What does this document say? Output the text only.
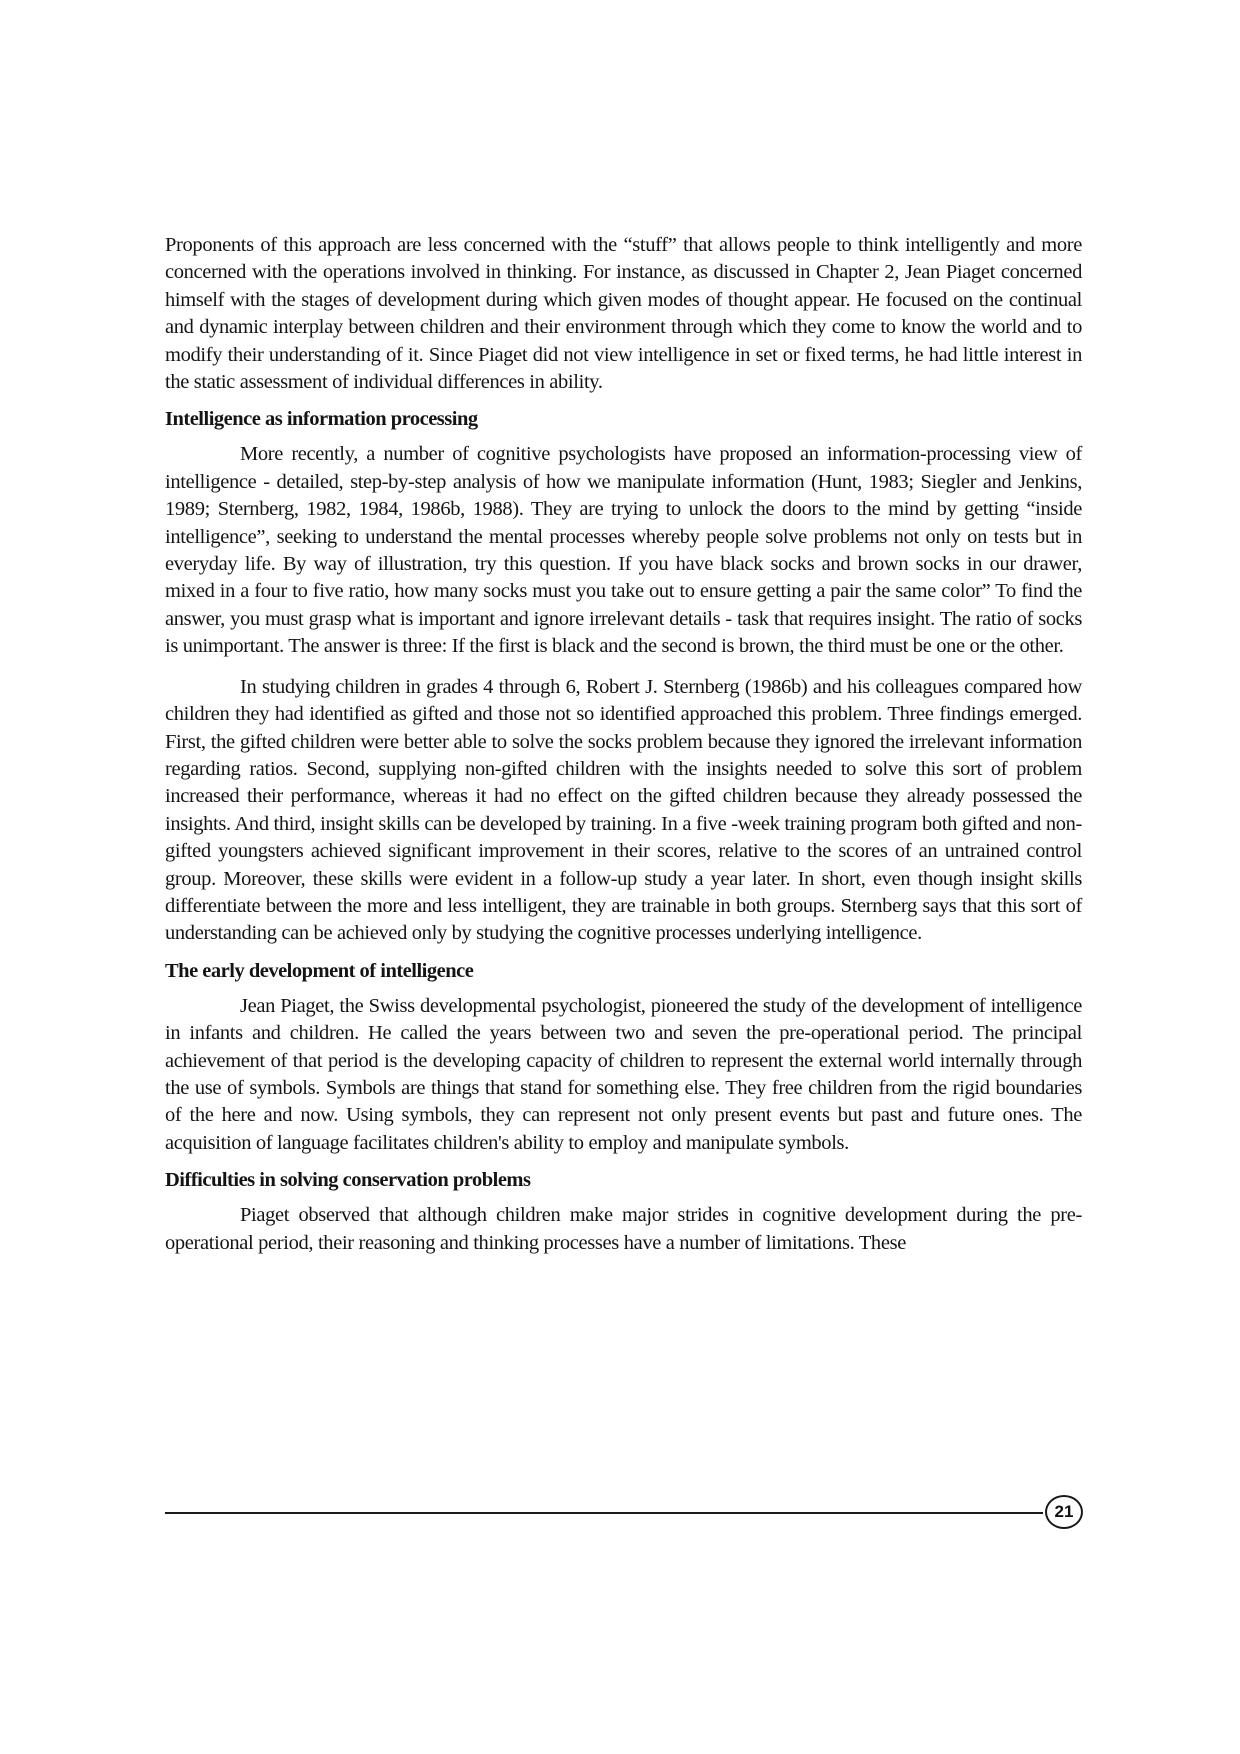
Proponents of this approach are less concerned with the “stuff” that allows people to think intelligently and more concerned with the operations involved in thinking. For instance, as discussed in Chapter 2, Jean Piaget concerned himself with the stages of development during which given modes of thought appear. He focused on the continual and dynamic interplay between children and their environment through which they come to know the world and to modify their understanding of it. Since Piaget did not view intelligence in set or fixed terms, he had little interest in the static assessment of individual differences in ability.

Intelligence as information processing

More recently, a number of cognitive psychologists have proposed an information-processing view of intelligence - detailed, step-by-step analysis of how we manipulate information (Hunt, 1983; Siegler and Jenkins, 1989; Sternberg, 1982, 1984, 1986b, 1988). They are trying to unlock the doors to the mind by getting “inside intelligence”, seeking to understand the mental processes whereby people solve problems not only on tests but in everyday life. By way of illustration, try this question. If you have black socks and brown socks in our drawer, mixed in a four to five ratio, how many socks must you take out to ensure getting a pair the same color” To find the answer, you must grasp what is important and ignore irrelevant details - task that requires insight. The ratio of socks is unimportant. The answer is three: If the first is black and the second is brown, the third must be one or the other.

In studying children in grades 4 through 6, Robert J. Sternberg (1986b) and his colleagues compared how children they had identified as gifted and those not so identified approached this problem. Three findings emerged. First, the gifted children were better able to solve the socks problem because they ignored the irrelevant information regarding ratios. Second, supplying non-gifted children with the insights needed to solve this sort of problem increased their performance, whereas it had no effect on the gifted children because they already possessed the insights. And third, insight skills can be developed by training. In a five -week training program both gifted and non-gifted youngsters achieved significant improvement in their scores, relative to the scores of an untrained control group. Moreover, these skills were evident in a follow-up study a year later. In short, even though insight skills differentiate between the more and less intelligent, they are trainable in both groups. Sternberg says that this sort of understanding can be achieved only by studying the cognitive processes underlying intelligence.

The early development of intelligence

Jean Piaget, the Swiss developmental psychologist, pioneered the study of the development of intelligence in infants and children. He called the years between two and seven the pre-operational period. The principal achievement of that period is the developing capacity of children to represent the external world internally through the use of symbols. Symbols are things that stand for something else. They free children from the rigid boundaries of the here and now. Using symbols, they can represent not only present events but past and future ones. The acquisition of language facilitates children's ability to employ and manipulate symbols.

Difficulties in solving conservation problems

Piaget observed that although children make major strides in cognitive development during the pre-operational period, their reasoning and thinking processes have a number of limitations. These

21
